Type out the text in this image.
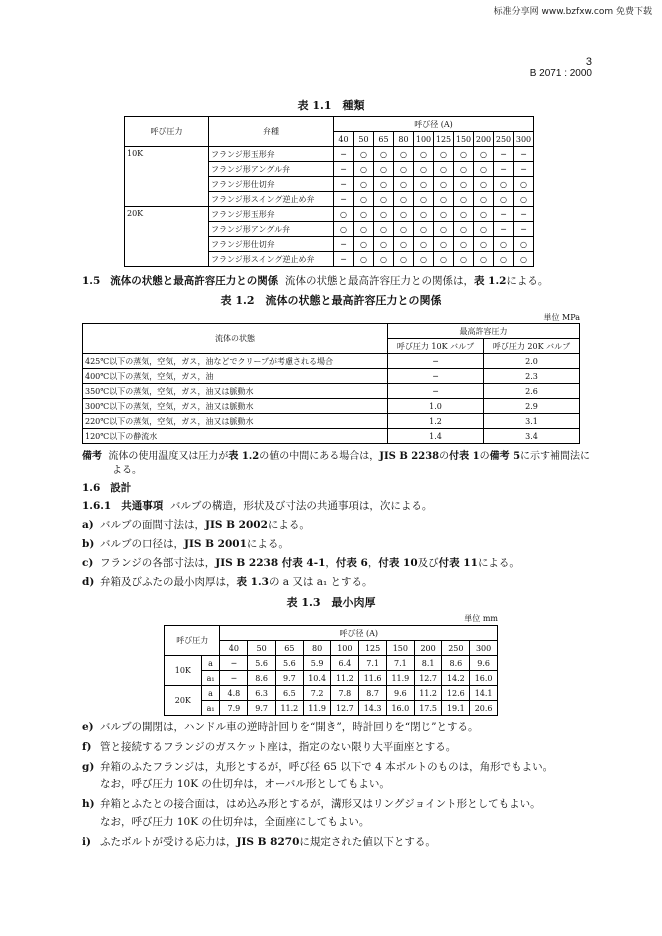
标准分享网 www.bzfxw.com 免费下载
3
B 2071 : 2000
表 1.1　種類
呼び圧力	弁種	呼び径 (A)									
		40	50	65	80	100	125	150	200	250	300
10K	フランジ形玉形弁	─	○	○	○	○	○	○	○	─	─
	フランジ形アングル弁	─	○	○	○	○	○	○	○	─	─
	フランジ形仕切弁	─	○	○	○	○	○	○	○	○	○
	フランジ形スイング逆止め弁	─	○	○	○	○	○	○	○	○	○
20K	フランジ形玉形弁	○	○	○	○	○	○	○	○	─	─
	フランジ形アングル弁	○	○	○	○	○	○	○	○	─	─
	フランジ形仕切弁	─	○	○	○	○	○	○	○	○	○
	フランジ形スイング逆止め弁	─	○	○	○	○	○	○	○	○	○
1.5 流体の状態と最高許容圧力との関係 流体の状態と最高許容圧力との関係は，表 1.2による。
表 1.2　流体の状態と最高許容圧力との関係
単位 MPa
流体の状態	最高許容圧力	
	呼び圧力 10K バルブ	呼び圧力 20K バルブ
425℃以下の蒸気，空気，ガス，油などでクリープが考慮される場合	─	2.0
400℃以下の蒸気，空気，ガス，油	─	2.3
350℃以下の蒸気，空気，ガス，油又は脈動水	─	2.6
300℃以下の蒸気，空気，ガス，油又は脈動水	1.0	2.9
220℃以下の蒸気，空気，ガス，油又は脈動水	1.2	3.1
120℃以下の静流水	1.4	3.4
備考 流体の使用温度又は圧力が表 1.2の値の中間にある場合は，JIS B 2238の付表 1の備考 5に示す補間法に
よる。
1.6 設計
1.6.1 共通事項 バルブの構造，形状及び寸法の共通事項は，次による。
a) バルブの面間寸法は，JIS B 2002による。
b) バルブの口径は，JIS B 2001による。
c) フランジの各部寸法は，JIS B 2238 付表 4-1，付表 6，付表 10及び付表 11による。
d) 弁箱及びふたの最小肉厚は，表 1.3の a 又は a₁ とする。
表 1.3　最小肉厚
単位 mm
呼び圧力		呼び径 (A)									
		40	50	65	80	100	125	150	200	250	300
10K	a	─	5.6	5.6	5.9	6.4	7.1	7.1	8.1	8.6	9.6
	a₁	─	8.6	9.7	10.4	11.2	11.6	11.9	12.7	14.2	16.0
20K	a	4.8	6.3	6.5	7.2	7.8	8.7	9.6	11.2	12.6	14.1
	a₁	7.9	9.7	11.2	11.9	12.7	14.3	16.0	17.5	19.1	20.6
e) バルブの開閉は，ハンドル車の逆時計回りを“開き”，時計回りを“閉じ”とする。
f) 管と接続するフランジのガスケット座は，指定のない限り大平面座とする。
g) 弁箱のふたフランジは，丸形とするが，呼び径 65 以下で 4 本ボルトのものは，角形でもよい。
なお，呼び圧力 10K の仕切弁は，オーバル形としてもよい。
h) 弁箱とふたとの接合面は，はめ込み形とするが，溝形又はリングジョイント形としてもよい。
なお，呼び圧力 10K の仕切弁は，全面座にしてもよい。
i) ふたボルトが受ける応力は，JIS B 8270に規定された値以下とする。
